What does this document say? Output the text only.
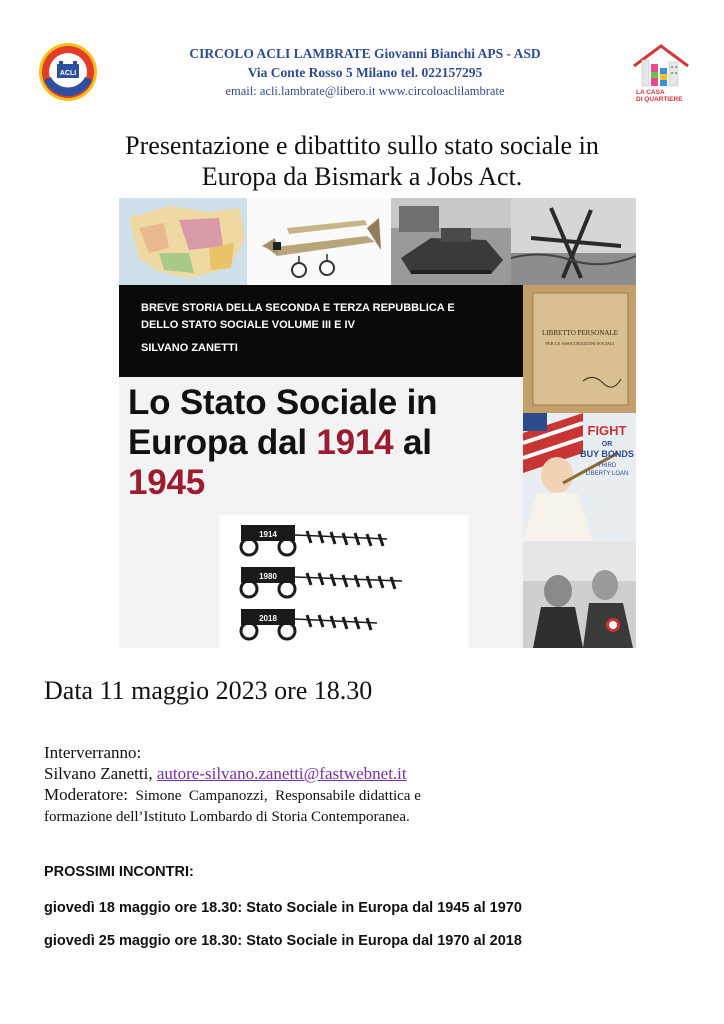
ACLI
CIRCOLO ACLI LAMBRATE Giovanni Bianchi APS - ASD
Via Conte Rosso 5 Milano tel. 022157295
email: acli.lambrate@libero.it www.circoloaclilambrate	LA CASA
DI QUARTIERE
Presentazione e dibattito sullo stato sociale in
Europa da Bismark a Jobs Act.
BREVE STORIA DELLA SECONDA E TERZA REPUBBLICA E
DELLO STATO SOCIALE VOLUME III E IV
SILVANO ZANETTI
LIBRETTO PERSONALE
PER LE ASSICURAZIONI SOCIALI
FIGHT
OR
BUY BONDS
THIRD
LIBERTY LOAN
Lo Stato Sociale in
Europa dal 1914 al
1945
1914
1980
2018
Data 11 maggio 2023 ore 18.30
Interverranno:
Silvano Zanetti, autore-silvano.zanetti@fastwebnet.it
Moderatore:  Simone  Campanozzi,  Responsabile didattica e
formazione dell’Istituto Lombardo di Storia Contemporanea.
PROSSIMI INCONTRI:
giovedì 18 maggio ore 18.30: Stato Sociale in Europa dal 1945 al 1970
giovedì 25 maggio ore 18.30: Stato Sociale in Europa dal 1970 al 2018
